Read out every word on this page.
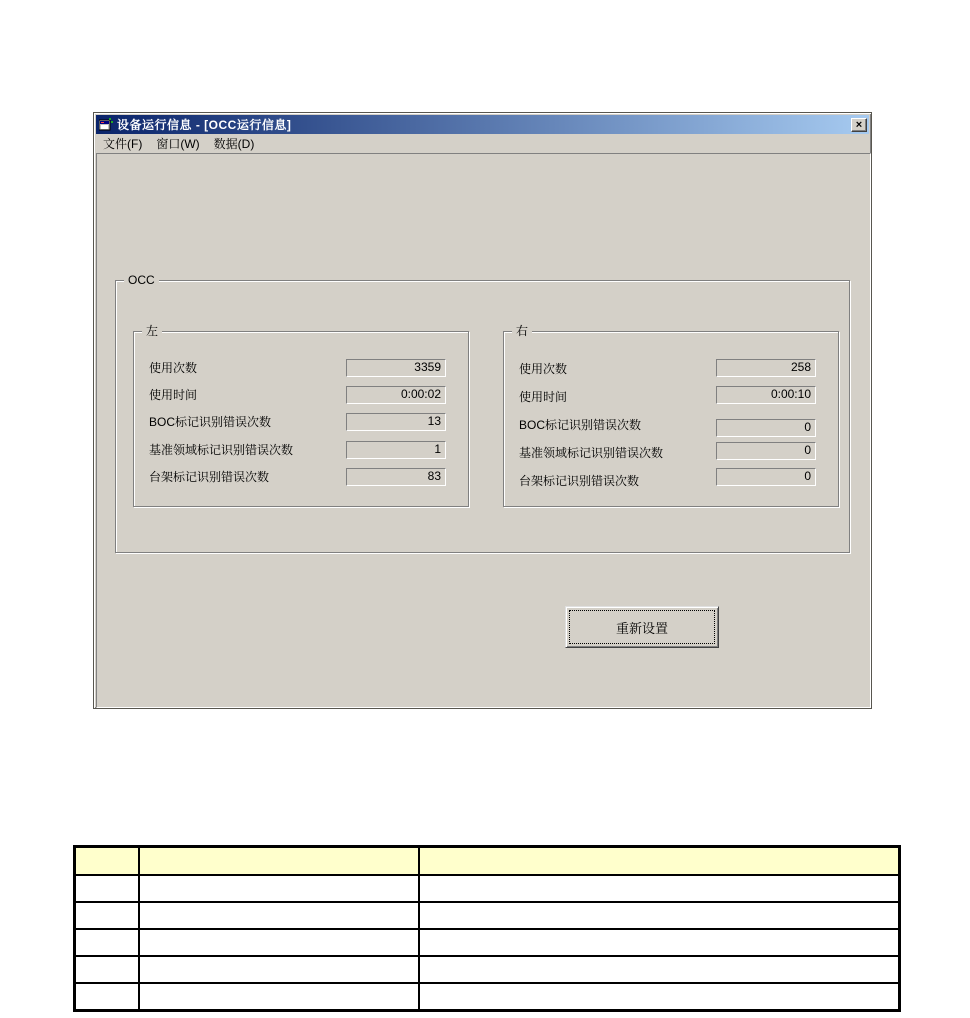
设备运行信息 - [OCC运行信息]	×
文件(F)	窗口(W)	数据(D)
OCC
左
使用次数	3359
使用时间	0:00:02
BOC标记识别错误次数	13
基准领域标记识别错误次数	1
台架标记识别错误次数	83
右
使用次数	258
使用时间	0:00:10
BOC标记识别错误次数	0
基准领域标记识别错误次数	0
台架标记识别错误次数	0
重新设置
